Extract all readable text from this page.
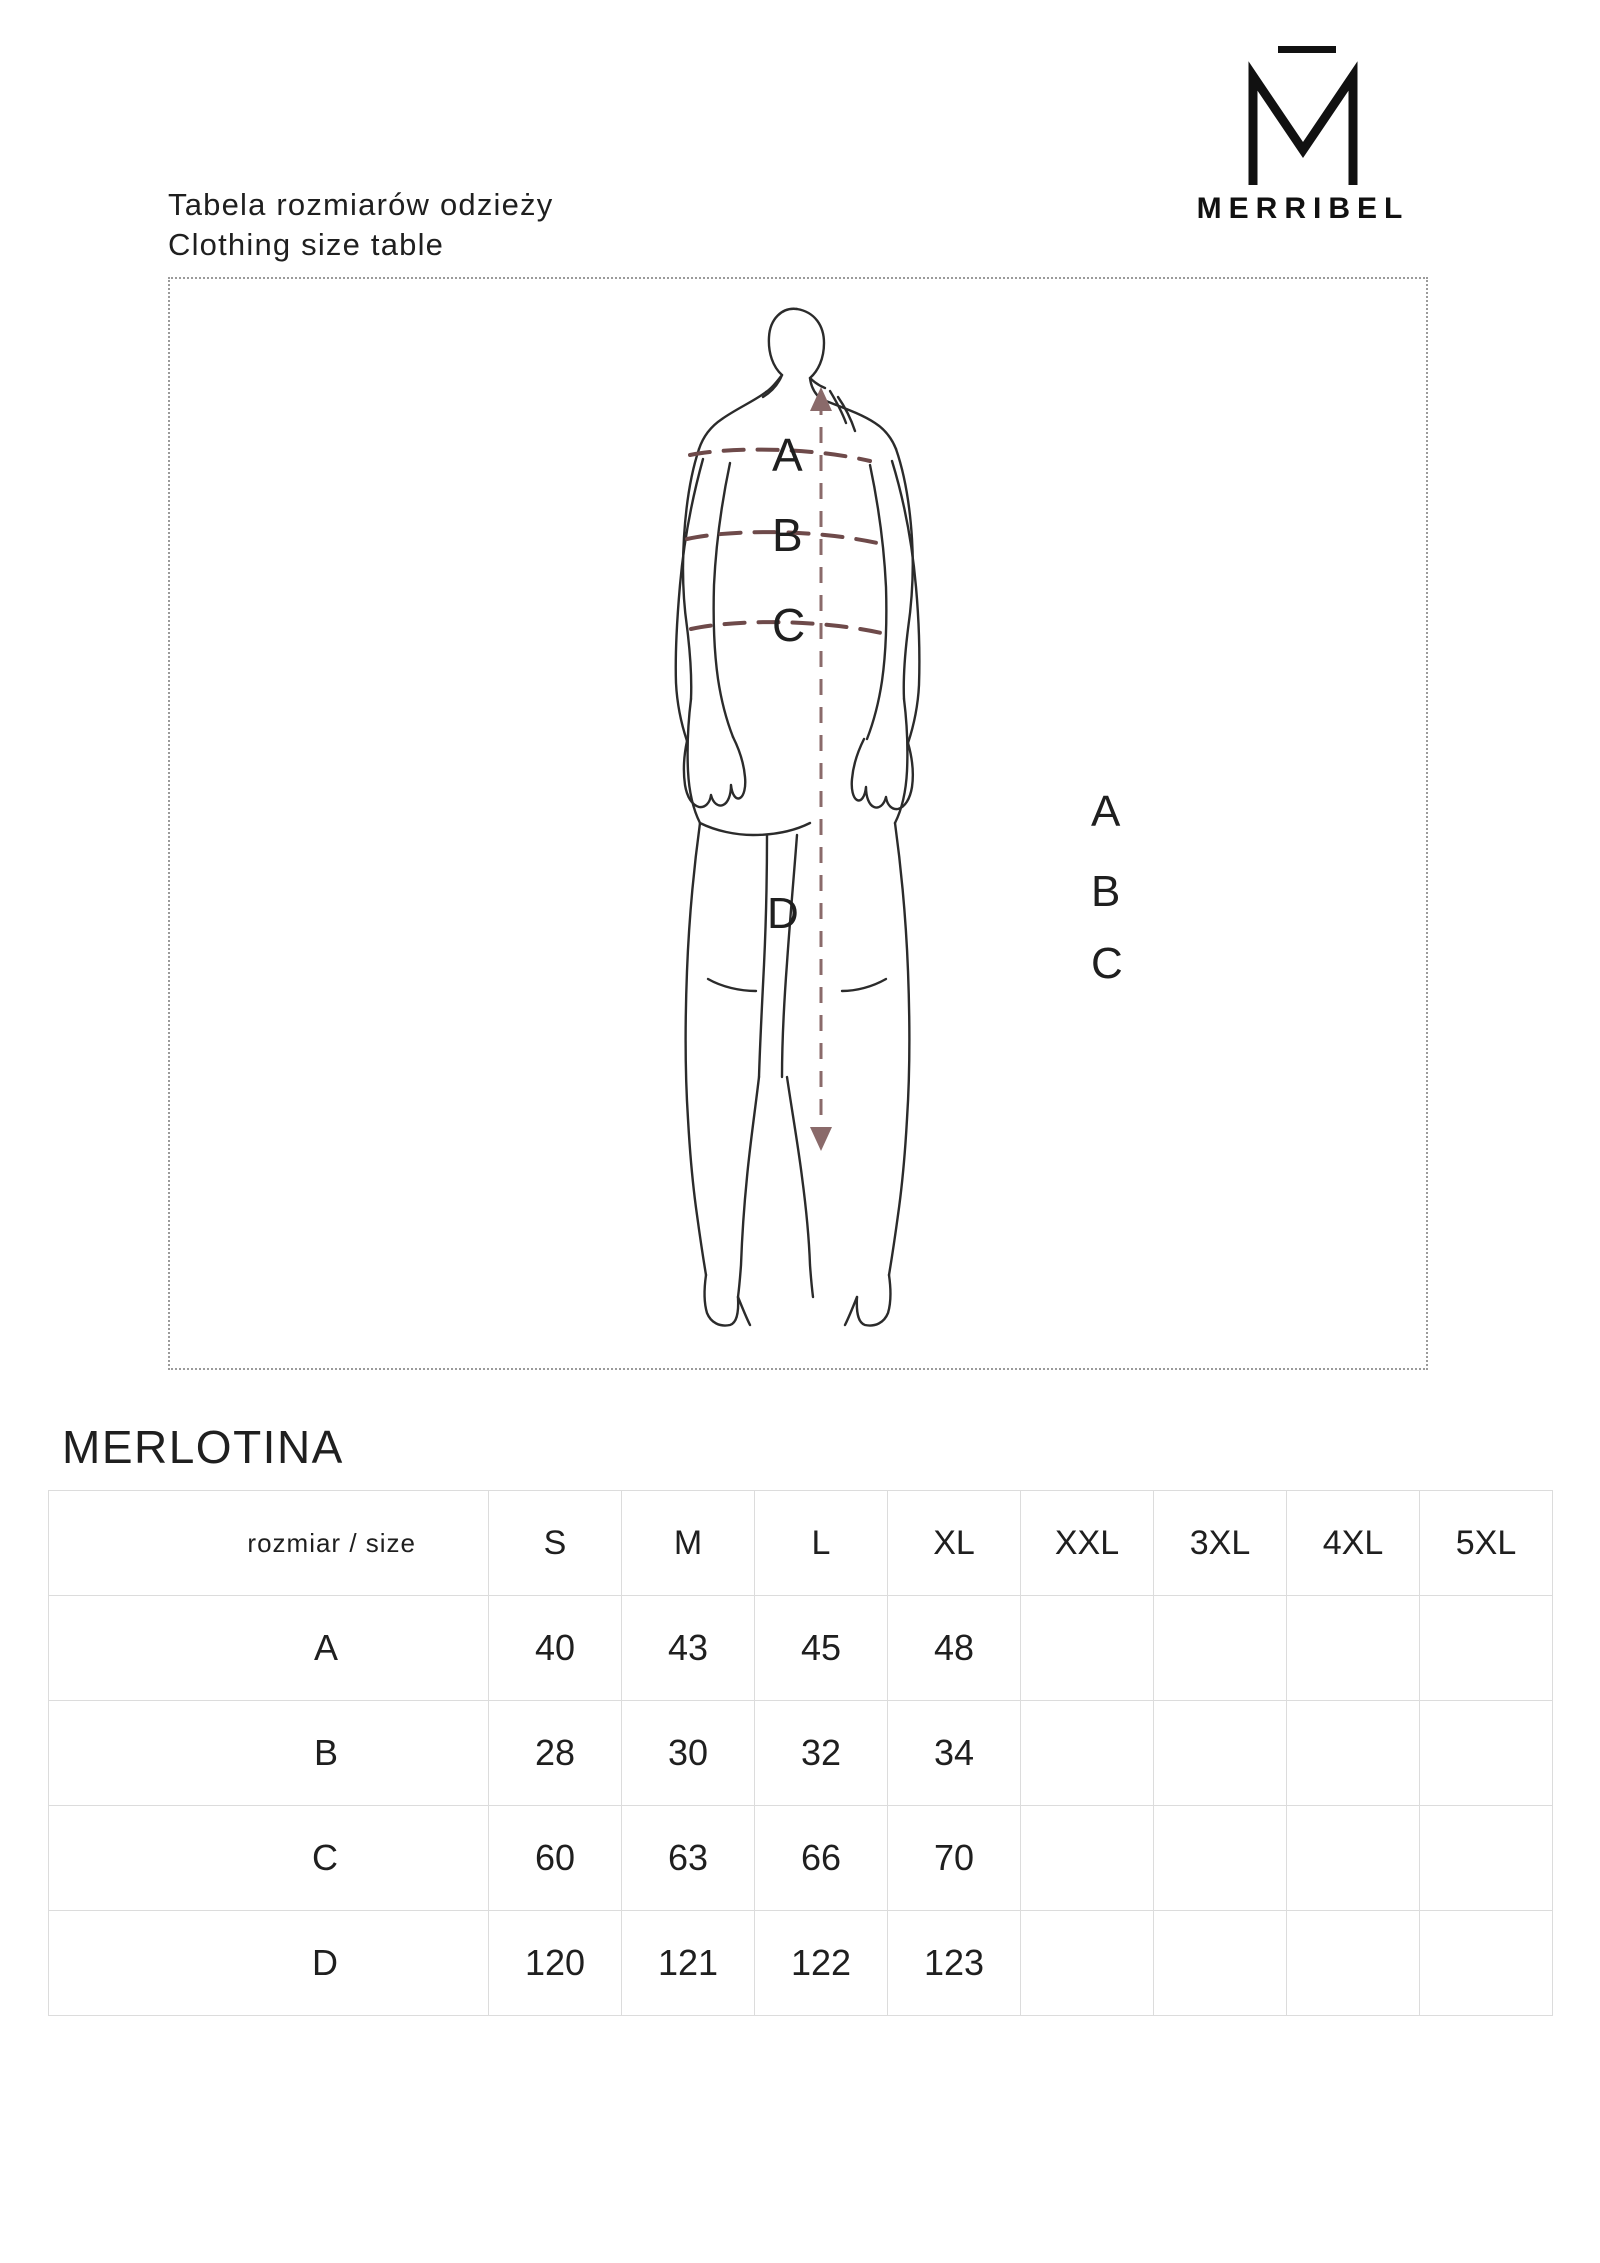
Tabela rozmiarów odzieży
Clothing size table
MERRIBEL
A
B
C
A
B
C
D
MERLOTINA
rozmiar / size	S	M	L	XL	XXL	3XL	4XL	5XL
A	40	43	45	48				
B	28	30	32	34				
C	60	63	66	70				
D	120	121	122	123				
